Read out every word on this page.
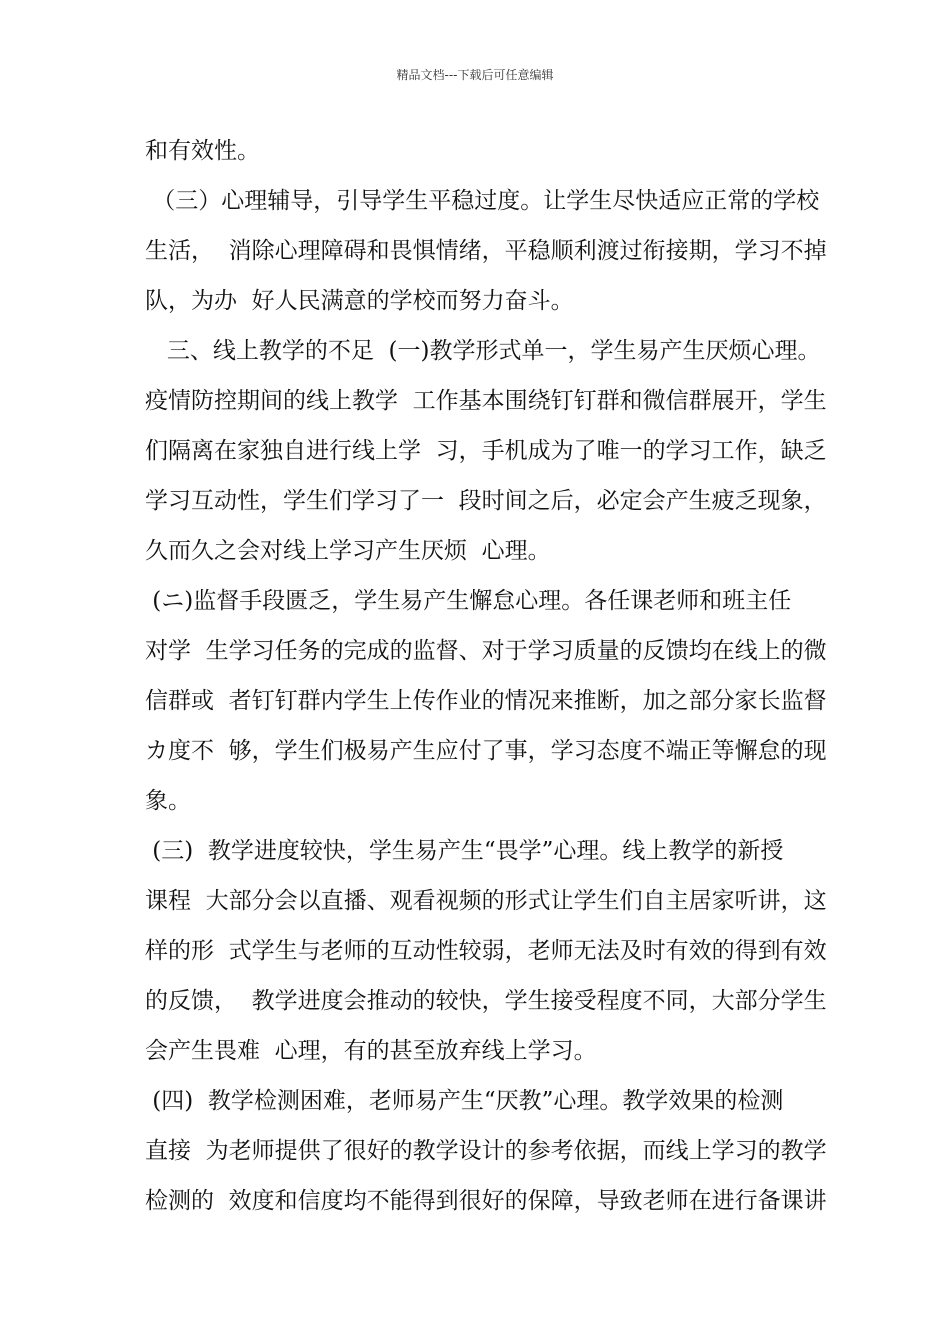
精品文档---下载后可任意编辑
和有效性。
（三）心理辅导，引导学生平稳过度。让学生尽快适应正常的学校
生活，  消除心理障碍和畏惧情绪，平稳顺利渡过衔接期，学习不掉
队，为办  好人民满意的学校而努力奋斗。
三、线上教学的不足  (一)教学形式单一，学生易产生厌烦心理。
疫情防控期间的线上教学  工作基本围绕钉钉群和微信群展开，学生
们隔离在家独自进行线上学  习，手机成为了唯一的学习工作，缺乏
学习互动性，学生们学习了一  段时间之后，必定会产生疲乏现象，
久而久之会对线上学习产生厌烦  心理。
(ニ)监督手段匮乏，学生易产生懈怠心理。各任课老师和班主任
对学  生学习任务的完成的监督、对于学习质量的反馈均在线上的微
信群或  者钉钉群内学生上传作业的情况来推断，加之部分家长监督
カ度不  够，学生们极易产生应付了事，学习态度不端正等懈怠的现
象。
(三)  教学进度较快，学生易产生“畏学”心理。线上教学的新授
课程  大部分会以直播、观看视频的形式让学生们自主居家听讲，这
样的形  式学生与老师的互动性较弱，老师无法及时有效的得到有效
的反馈，  教学进度会推动的较快，学生接受程度不同，大部分学生
会产生畏难  心理，有的甚至放弃线上学习。
(四)  教学检测困难，老师易产生“厌教”心理。教学效果的检测
直接  为老师提供了很好的教学设计的参考依据，而线上学习的教学
检测的  效度和信度均不能得到很好的保障，导致老师在进行备课讲
